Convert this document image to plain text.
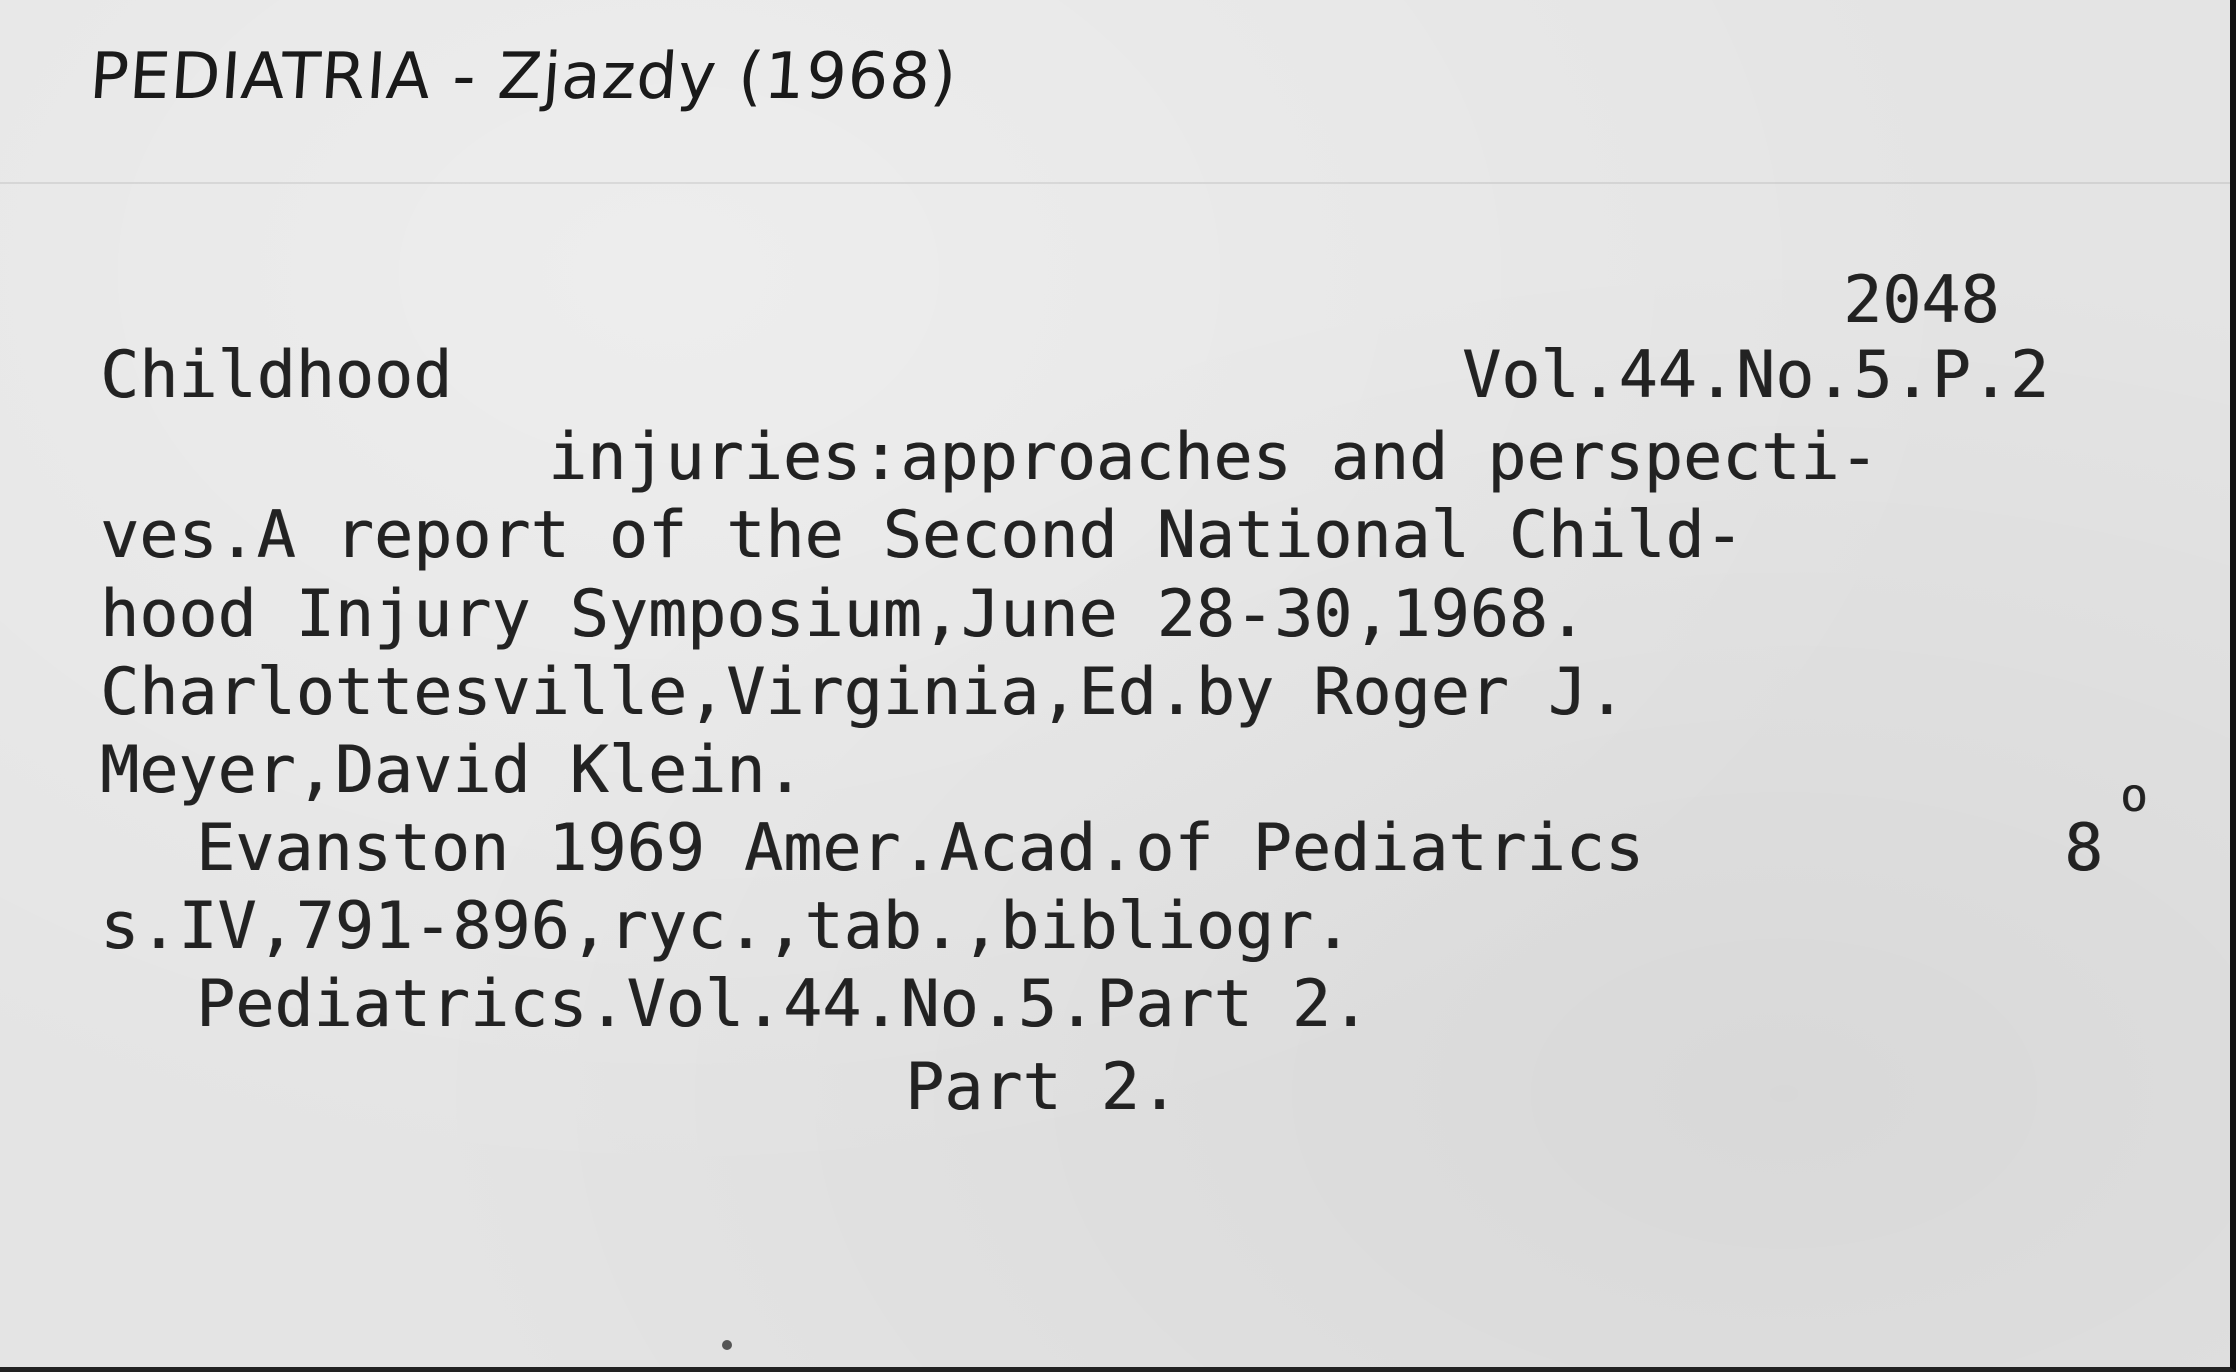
PEDIATRIA - Zjazdy (1968)
2048
Childhood	Vol.44.No.5.P.2
injuries:approaches and perspecti-
ves.A report of the Second National Child-
hood Injury Symposium,June 28-30,1968.
Charlottesville,Virginia,Ed.by Roger J.
Meyer,David Klein.
Evanston 1969 Amer.Acad.of Pediatrics	8
o
s.IV,791-896,ryc.,tab.,bibliogr.
Pediatrics.Vol.44.No.5.Part 2.
Part 2.
